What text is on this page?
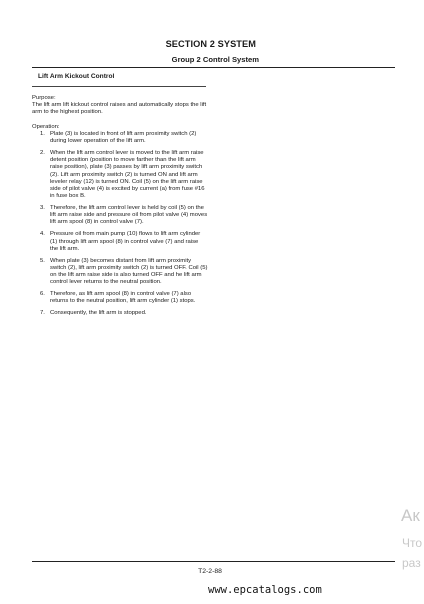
SECTION 2 SYSTEM
Group 2 Control System
Lift Arm Kickout Control

Purpose:

The lift arm lift kickout control raises and automatically stops the lift arm to the highest position.

Operation:

1. Plate (3) is located in front of lift arm proximity switch (2) during lower operation of the lift arm.
2. When the lift arm control lever is moved to the lift arm raise detent position (position to move farther than the lift arm raise position), plate (3) passes by lift arm proximity switch (2). Lift arm proximity switch (2) is turned ON and lift arm leveler relay (12) is turned ON. Coil (5) on the lift arm raise side of pilot valve (4) is excited by current (a) from fuse #16 in fuse box B.
3. Therefore, the lift arm control lever is held by coil (5) on the lift arm raise side and pressure oil from pilot valve (4) moves lift arm spool (8) in control valve (7).
4. Pressure oil from main pump (10) flows to lift arm cylinder (1) through lift arm spool (8) in control valve (7) and raise the lift arm.
5. When plate (3) becomes distant from lift arm proximity switch (2), lift arm proximity switch (2) is turned OFF. Coil (5) on the lift arm raise side is also turned OFF and he lift arm control lever returns to the neutral position.
6. Therefore, as lift arm spool (8) in control valve (7) also returns to the neutral position, lift arm cylinder (1) stops.
7. Consequently, the lift arm is stopped.
Ак
Что
раз
T2-2-88
www.epcatalogs.com
